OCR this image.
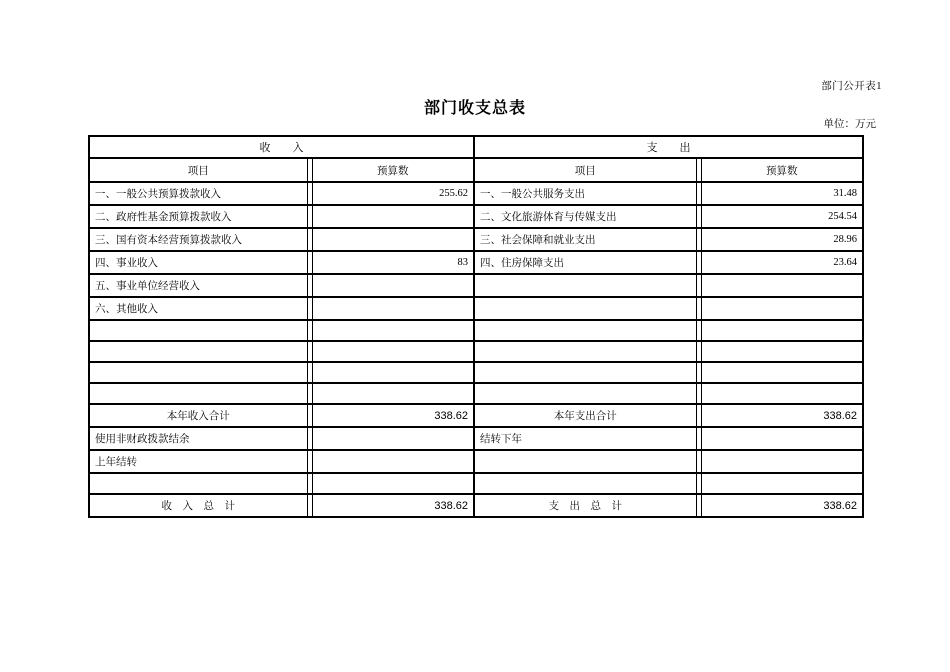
部门公开表1
部门收支总表
单位：万元
收　　入			支　　出		
项目		预算数	项目		预算数
一、一般公共预算拨款收入		255.62	一、一般公共服务支出		31.48
二、政府性基金预算拨款收入			二、文化旅游体育与传媒支出		254.54
三、国有资本经营预算拨款收入			三、社会保障和就业支出		28.96
四、事业收入		83	四、住房保障支出		23.64
五、事业单位经营收入					
六、其他收入					

本年收入合计		338.62	本年支出合计		338.62
使用非财政拨款结余			结转下年		
上年结转					

收　入　总　计		338.62	支　出　总　计		338.62
